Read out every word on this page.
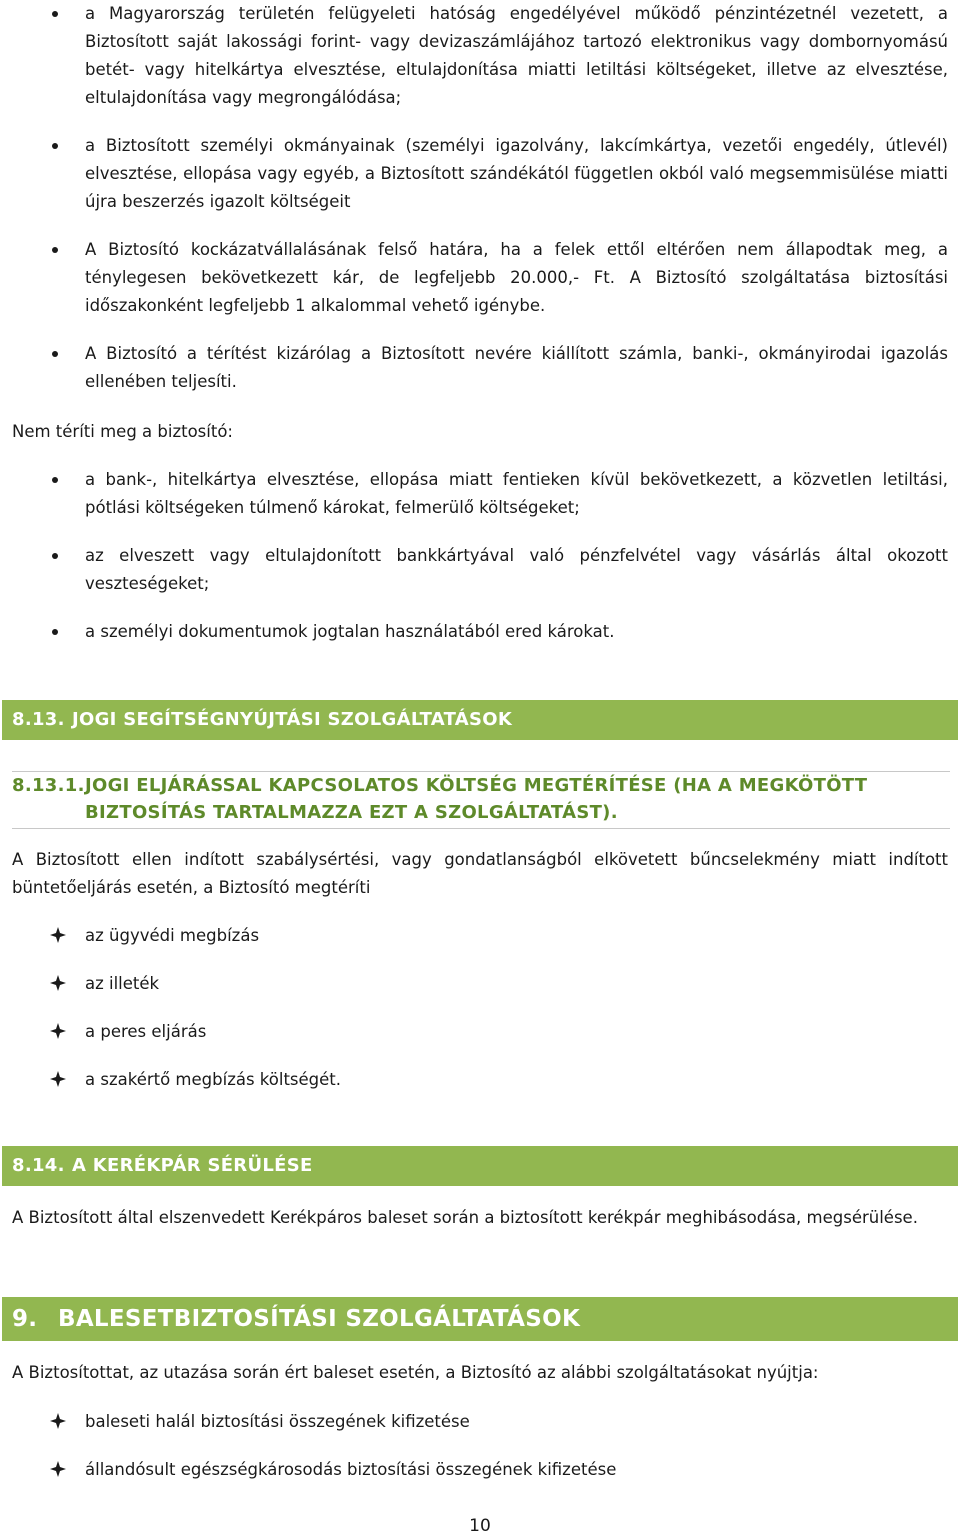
a Magyarország területén felügyeleti hatóság engedélyével működő pénzintézetnél vezetett, a Biztosított saját lakossági forint- vagy devizaszámlájához tartozó elektronikus vagy dombornyomású betét- vagy hitelkártya elvesztése, eltulajdonítása miatti letiltási költségeket, illetve az elvesztése, eltulajdonítása vagy megrongálódása;
a Biztosított személyi okmányainak (személyi igazolvány, lakcímkártya, vezetői engedély, útlevél) elvesztése, ellopása vagy egyéb, a Biztosított szándékától független okból való megsemmisülése miatti újra beszerzés igazolt költségeit
A Biztosító kockázatvállalásának felső határa, ha a felek ettől eltérően nem állapodtak meg, a ténylegesen bekövetkezett kár, de legfeljebb 20.000,- Ft. A Biztosító szolgáltatása biztosítási időszakonként legfeljebb 1 alkalommal vehető igénybe.
A Biztosító a térítést kizárólag a Biztosított nevére kiállított számla, banki-, okmányirodai igazolás ellenében teljesíti.
Nem téríti meg a biztosító:
a bank-, hitelkártya elvesztése, ellopása miatt fentieken kívül bekövetkezett, a közvetlen letiltási, pótlási költségeken túlmenő károkat, felmerülő költségeket;
az elveszett vagy eltulajdonított bankkártyával való pénzfelvétel vagy vásárlás által okozott veszteségeket;
a személyi dokumentumok jogtalan használatából ered károkat.
8.13. JOGI SEGÍTSÉGNYÚJTÁSI SZOLGÁLTATÁSOK
8.13.1. JOGI ELJÁRÁSSAL KAPCSOLATOS KÖLTSÉG MEGTÉRÍTÉSE (HA A MEGKÖTÖTT BIZTOSÍTÁS TARTALMAZZA EZT A SZOLGÁLTATÁST).
A Biztosított ellen indított szabálysértési, vagy gondatlanságból elkövetett bűncselekmény miatt indított büntetőeljárás esetén, a Biztosító megtéríti
az ügyvédi megbízás
az illeték
a peres eljárás
a szakértő megbízás költségét.
8.14. A KERÉKPÁR SÉRÜLÉSE
A Biztosított által elszenvedett Kerékpáros baleset során a biztosított kerékpár meghibásodása, megsérülése.
9. BALESETBIZTOSÍTÁSI SZOLGÁLTATÁSOK
A Biztosítottat, az utazása során ért baleset esetén, a Biztosító az alábbi szolgáltatásokat nyújtja:
baleseti halál biztosítási összegének kifizetése
állandósult egészségkárosodás biztosítási összegének kifizetése
10
